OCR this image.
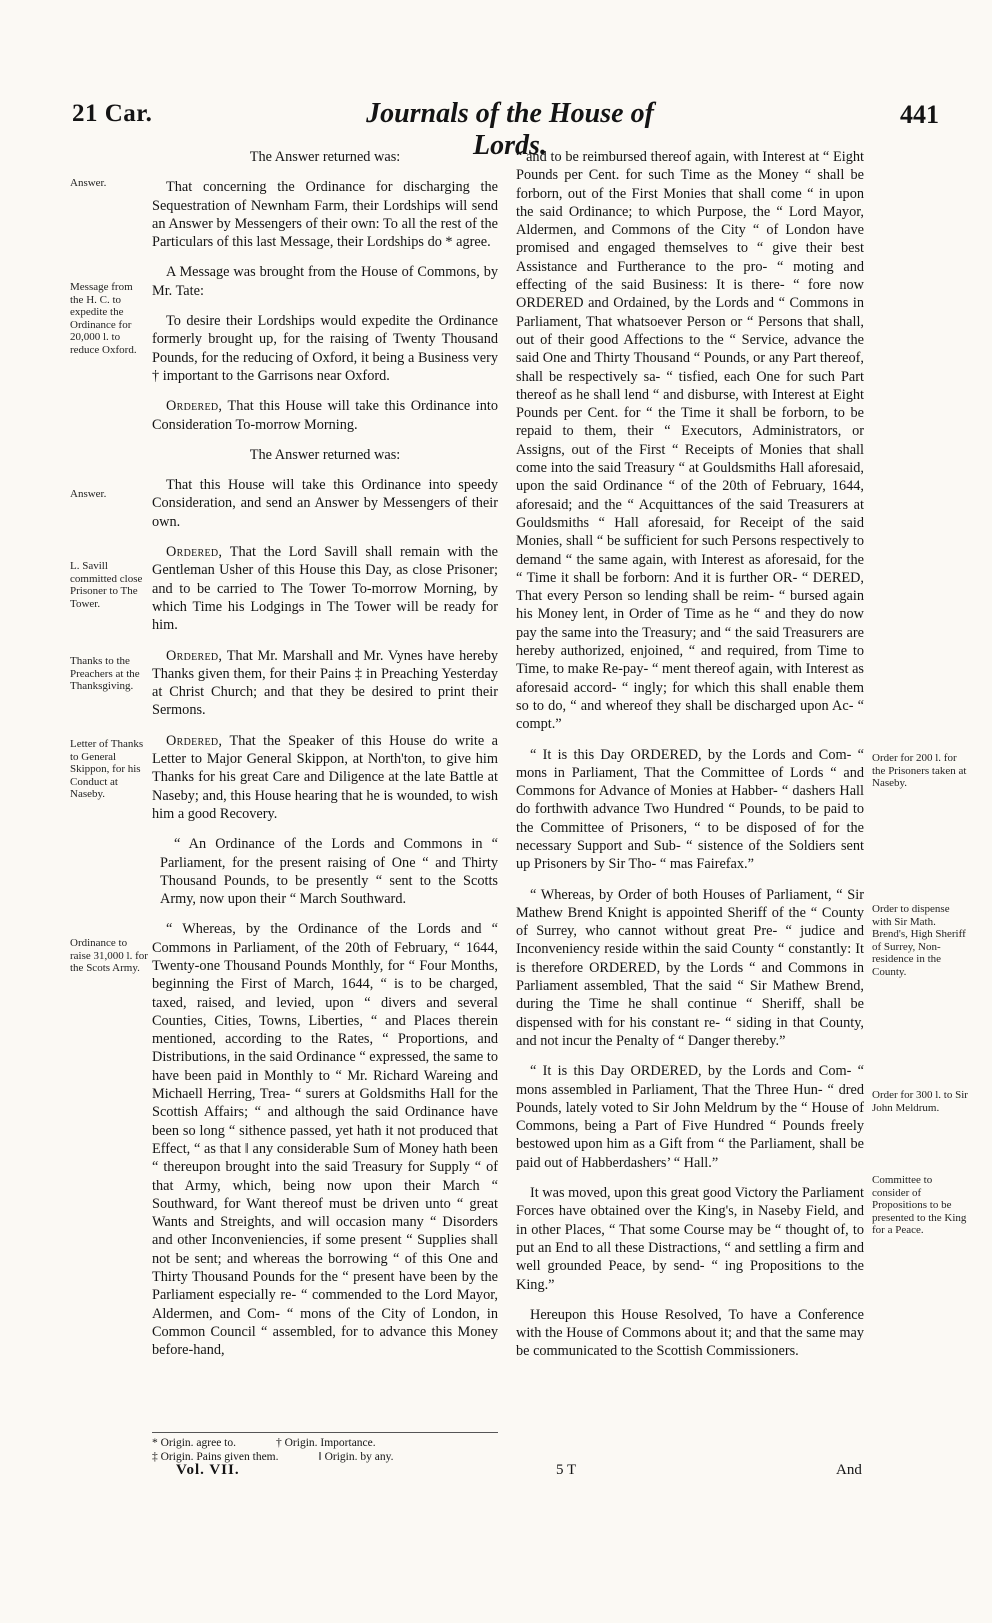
21 Car.	Journals of the House of Lords.
441
Answer.
Message from the H. C. to expedite the Ordinance for 20,000 l. to reduce Oxford.
Answer.
L. Savill committed close Prisoner to The Tower.
Thanks to the Preachers at the Thanksgiving.
Letter of Thanks to General Skippon, for his Conduct at Naseby.
Ordinance to raise 31,000 l. for the Scots Army.
Order for 200 l. for the Prisoners taken at Naseby.
Order to dispense with Sir Math. Brend's, High Sheriff of Surrey, Non-residence in the County.
Order for 300 l. to Sir John Meldrum.
Committee to consider of Propositions to be presented to the King for a Peace.

The Answer returned was:

That concerning the Ordinance for discharging the Sequestration of Newnham Farm, their Lordships will send an Answer by Messengers of their own: To all the rest of the Particulars of this last Message, their Lordships do * agree.

A Message was brought from the House of Commons, by Mr. Tate:

To desire their Lordships would expedite the Ordinance formerly brought up, for the raising of Twenty Thousand Pounds, for the reducing of Oxford, it being a Business very † important to the Garrisons near Oxford.

Ordered, That this House will take this Ordinance into Consideration To-morrow Morning.

The Answer returned was:

That this House will take this Ordinance into speedy Consideration, and send an Answer by Messengers of their own.

Ordered, That the Lord Savill shall remain with the Gentleman Usher of this House this Day, as close Prisoner; and to be carried to The Tower To-morrow Morning, by which Time his Lodgings in The Tower will be ready for him.

Ordered, That Mr. Marshall and Mr. Vynes have hereby Thanks given them, for their Pains ‡ in Preaching Yesterday at Christ Church; and that they be desired to print their Sermons.

Ordered, That the Speaker of this House do write a Letter to Major General Skippon, at North'ton, to give him Thanks for his great Care and Diligence at the late Battle at Naseby; and, this House hearing that he is wounded, to wish him a good Recovery.

“ An Ordinance of the Lords and Commons in “ Parliament, for the present raising of One “ and Thirty Thousand Pounds, to be presently “ sent to the Scotts Army, now upon their “ March Southward.

“ Whereas, by the Ordinance of the Lords and “ Commons in Parliament, of the 20th of February, “ 1644, Twenty-one Thousand Pounds Monthly, for “ Four Months, beginning the First of March, 1644, “ is to be charged, taxed, raised, and levied, upon “ divers and several Counties, Cities, Towns, Liberties, “ and Places therein mentioned, according to the Rates, “ Proportions, and Distributions, in the said Ordinance “ expressed, the same to have been paid in Monthly to “ Mr. Richard Wareing and Michaell Herring, Trea- “ surers at Goldsmiths Hall for the Scottish Affairs; “ and although the said Ordinance have been so long “ sithence passed, yet hath it not produced that Effect, “ as that ‖ any considerable Sum of Money hath been “ thereupon brought into the said Treasury for Supply “ of that Army, which, being now upon their March “ Southward, for Want thereof must be driven unto “ great Wants and Streights, and will occasion many “ Disorders and other Inconveniencies, if some present “ Supplies shall not be sent; and whereas the borrowing “ of this One and Thirty Thousand Pounds for the “ present have been by the Parliament especially re- “ commended to the Lord Mayor, Aldermen, and Com- “ mons of the City of London, in Common Council “ assembled, for to advance this Money before-hand,

“ and to be reimbursed thereof again, with Interest at “ Eight Pounds per Cent. for such Time as the Money “ shall be forborn, out of the First Monies that shall come “ in upon the said Ordinance; to which Purpose, the “ Lord Mayor, Aldermen, and Commons of the City “ of London have promised and engaged themselves to “ give their best Assistance and Furtherance to the pro- “ moting and effecting of the said Business: It is there- “ fore now ORDERED and Ordained, by the Lords and “ Commons in Parliament, That whatsoever Person or “ Persons that shall, out of their good Affections to the “ Service, advance the said One and Thirty Thousand “ Pounds, or any Part thereof, shall be respectively sa- “ tisfied, each One for such Part thereof as he shall lend “ and disburse, with Interest at Eight Pounds per Cent. for “ the Time it shall be forborn, to be repaid to them, their “ Executors, Administrators, or Assigns, out of the First “ Receipts of Monies that shall come into the said Treasury “ at Gouldsmiths Hall aforesaid, upon the said Ordinance “ of the 20th of February, 1644, aforesaid; and the “ Acquittances of the said Treasurers at Gouldsmiths “ Hall aforesaid, for Receipt of the said Monies, shall “ be sufficient for such Persons respectively to demand “ the same again, with Interest as aforesaid, for the “ Time it shall be forborn: And it is further OR- “ DERED, That every Person so lending shall be reim- “ bursed again his Money lent, in Order of Time as he “ and they do now pay the same into the Treasury; and “ the said Treasurers are hereby authorized, enjoined, “ and required, from Time to Time, to make Re-pay- “ ment thereof again, with Interest as aforesaid accord- “ ingly; for which this shall enable them so to do, “ and whereof they shall be discharged upon Ac- “ compt.”

“ It is this Day ORDERED, by the Lords and Com- “ mons in Parliament, That the Committee of Lords “ and Commons for Advance of Monies at Habber- “ dashers Hall do forthwith advance Two Hundred “ Pounds, to be paid to the Committee of Prisoners, “ to be disposed of for the necessary Support and Sub- “ sistence of the Soldiers sent up Prisoners by Sir Tho- “ mas Fairefax.”

“ Whereas, by Order of both Houses of Parliament, “ Sir Mathew Brend Knight is appointed Sheriff of the “ County of Surrey, who cannot without great Pre- “ judice and Inconveniency reside within the said County “ constantly: It is therefore ORDERED, by the Lords “ and Commons in Parliament assembled, That the said “ Sir Mathew Brend, during the Time he shall continue “ Sheriff, shall be dispensed with for his constant re- “ siding in that County, and not incur the Penalty of “ Danger thereby.”

“ It is this Day ORDERED, by the Lords and Com- “ mons assembled in Parliament, That the Three Hun- “ dred Pounds, lately voted to Sir John Meldrum by the “ House of Commons, being a Part of Five Hundred “ Pounds freely bestowed upon him as a Gift from “ the Parliament, shall be paid out of Habberdashers’ “ Hall.”

It was moved, upon this great good Victory the Parliament Forces have obtained over the King's, in Naseby Field, and in other Places, “ That some Course may be “ thought of, to put an End to all these Distractions, “ and settling a firm and well grounded Peace, by send- “ ing Propositions to the King.”

Hereupon this House Resolved, To have a Conference with the House of Commons about it; and that the same may be communicated to the Scottish Commissioners.

* Origin. agree to.	† Origin. Importance.
‡ Origin. Pains given them.	‖ Origin. by any.
Vol. VII.	5 T	And
